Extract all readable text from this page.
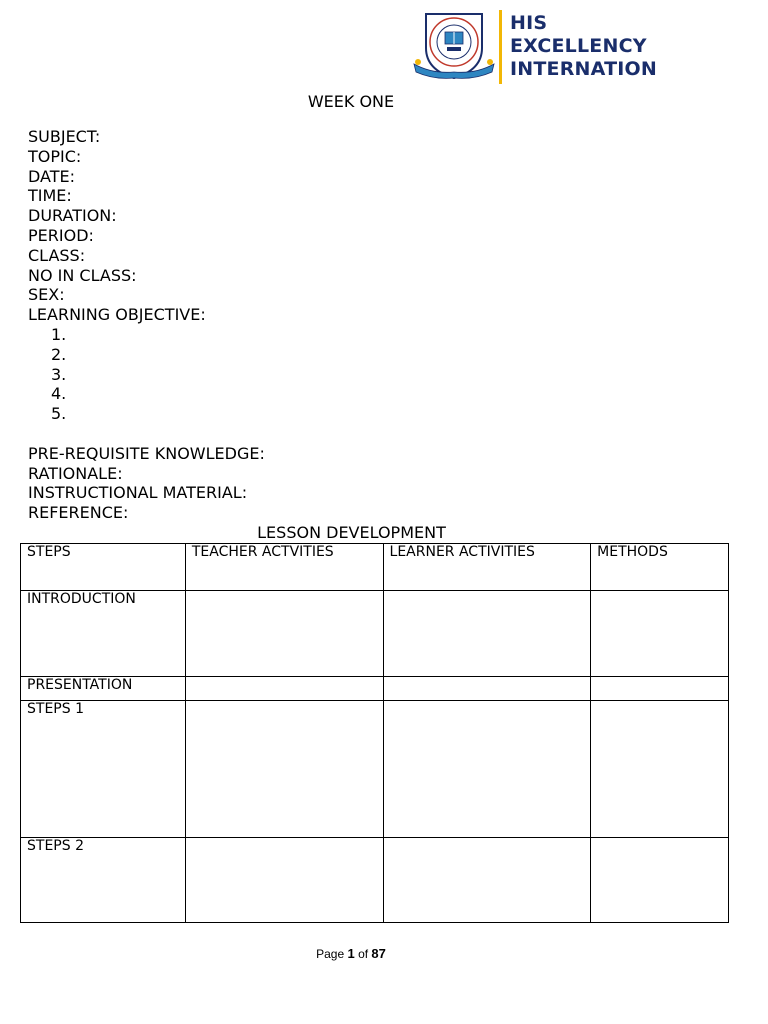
HIS
EXCELLENCY
INTERNATION
WEEK ONE
SUBJECT:
TOPIC:
DATE:
TIME:
DURATION:
PERIOD:
CLASS:
NO IN CLASS:
SEX:
LEARNING OBJECTIVE:
1.
2.
3.
4.
5.
PRE-REQUISITE KNOWLEDGE:
RATIONALE:
INSTRUCTIONAL MATERIAL:
REFERENCE:
LESSON DEVELOPMENT
STEPS	TEACHER ACTVITIES	LEARNER ACTIVITIES	METHODS
INTRODUCTION			
PRESENTATION			
STEPS 1			
STEPS 2			
Page 1 of 87
